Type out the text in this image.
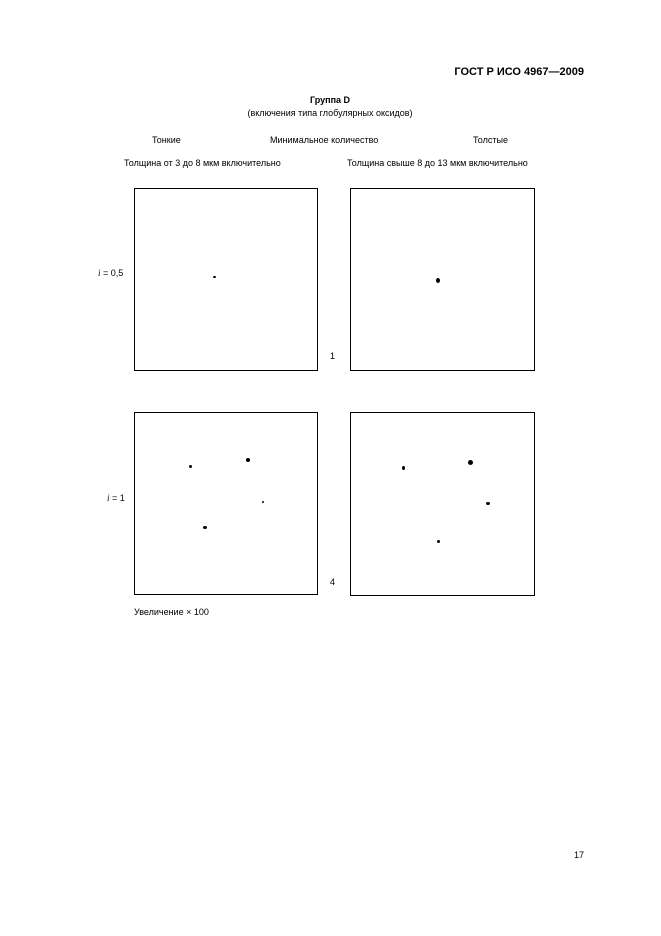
ГОСТ Р ИСО 4967—2009
Группа D
(включения типа глобулярных оксидов)
Тонкие	Минимальное количество	Толстые
Толщина от 3 до 8 мкм включительно	Толщина свыше 8 до 13 мкм включительно
i = 0,5
1
i = 1
4
Увеличение × 100
17
